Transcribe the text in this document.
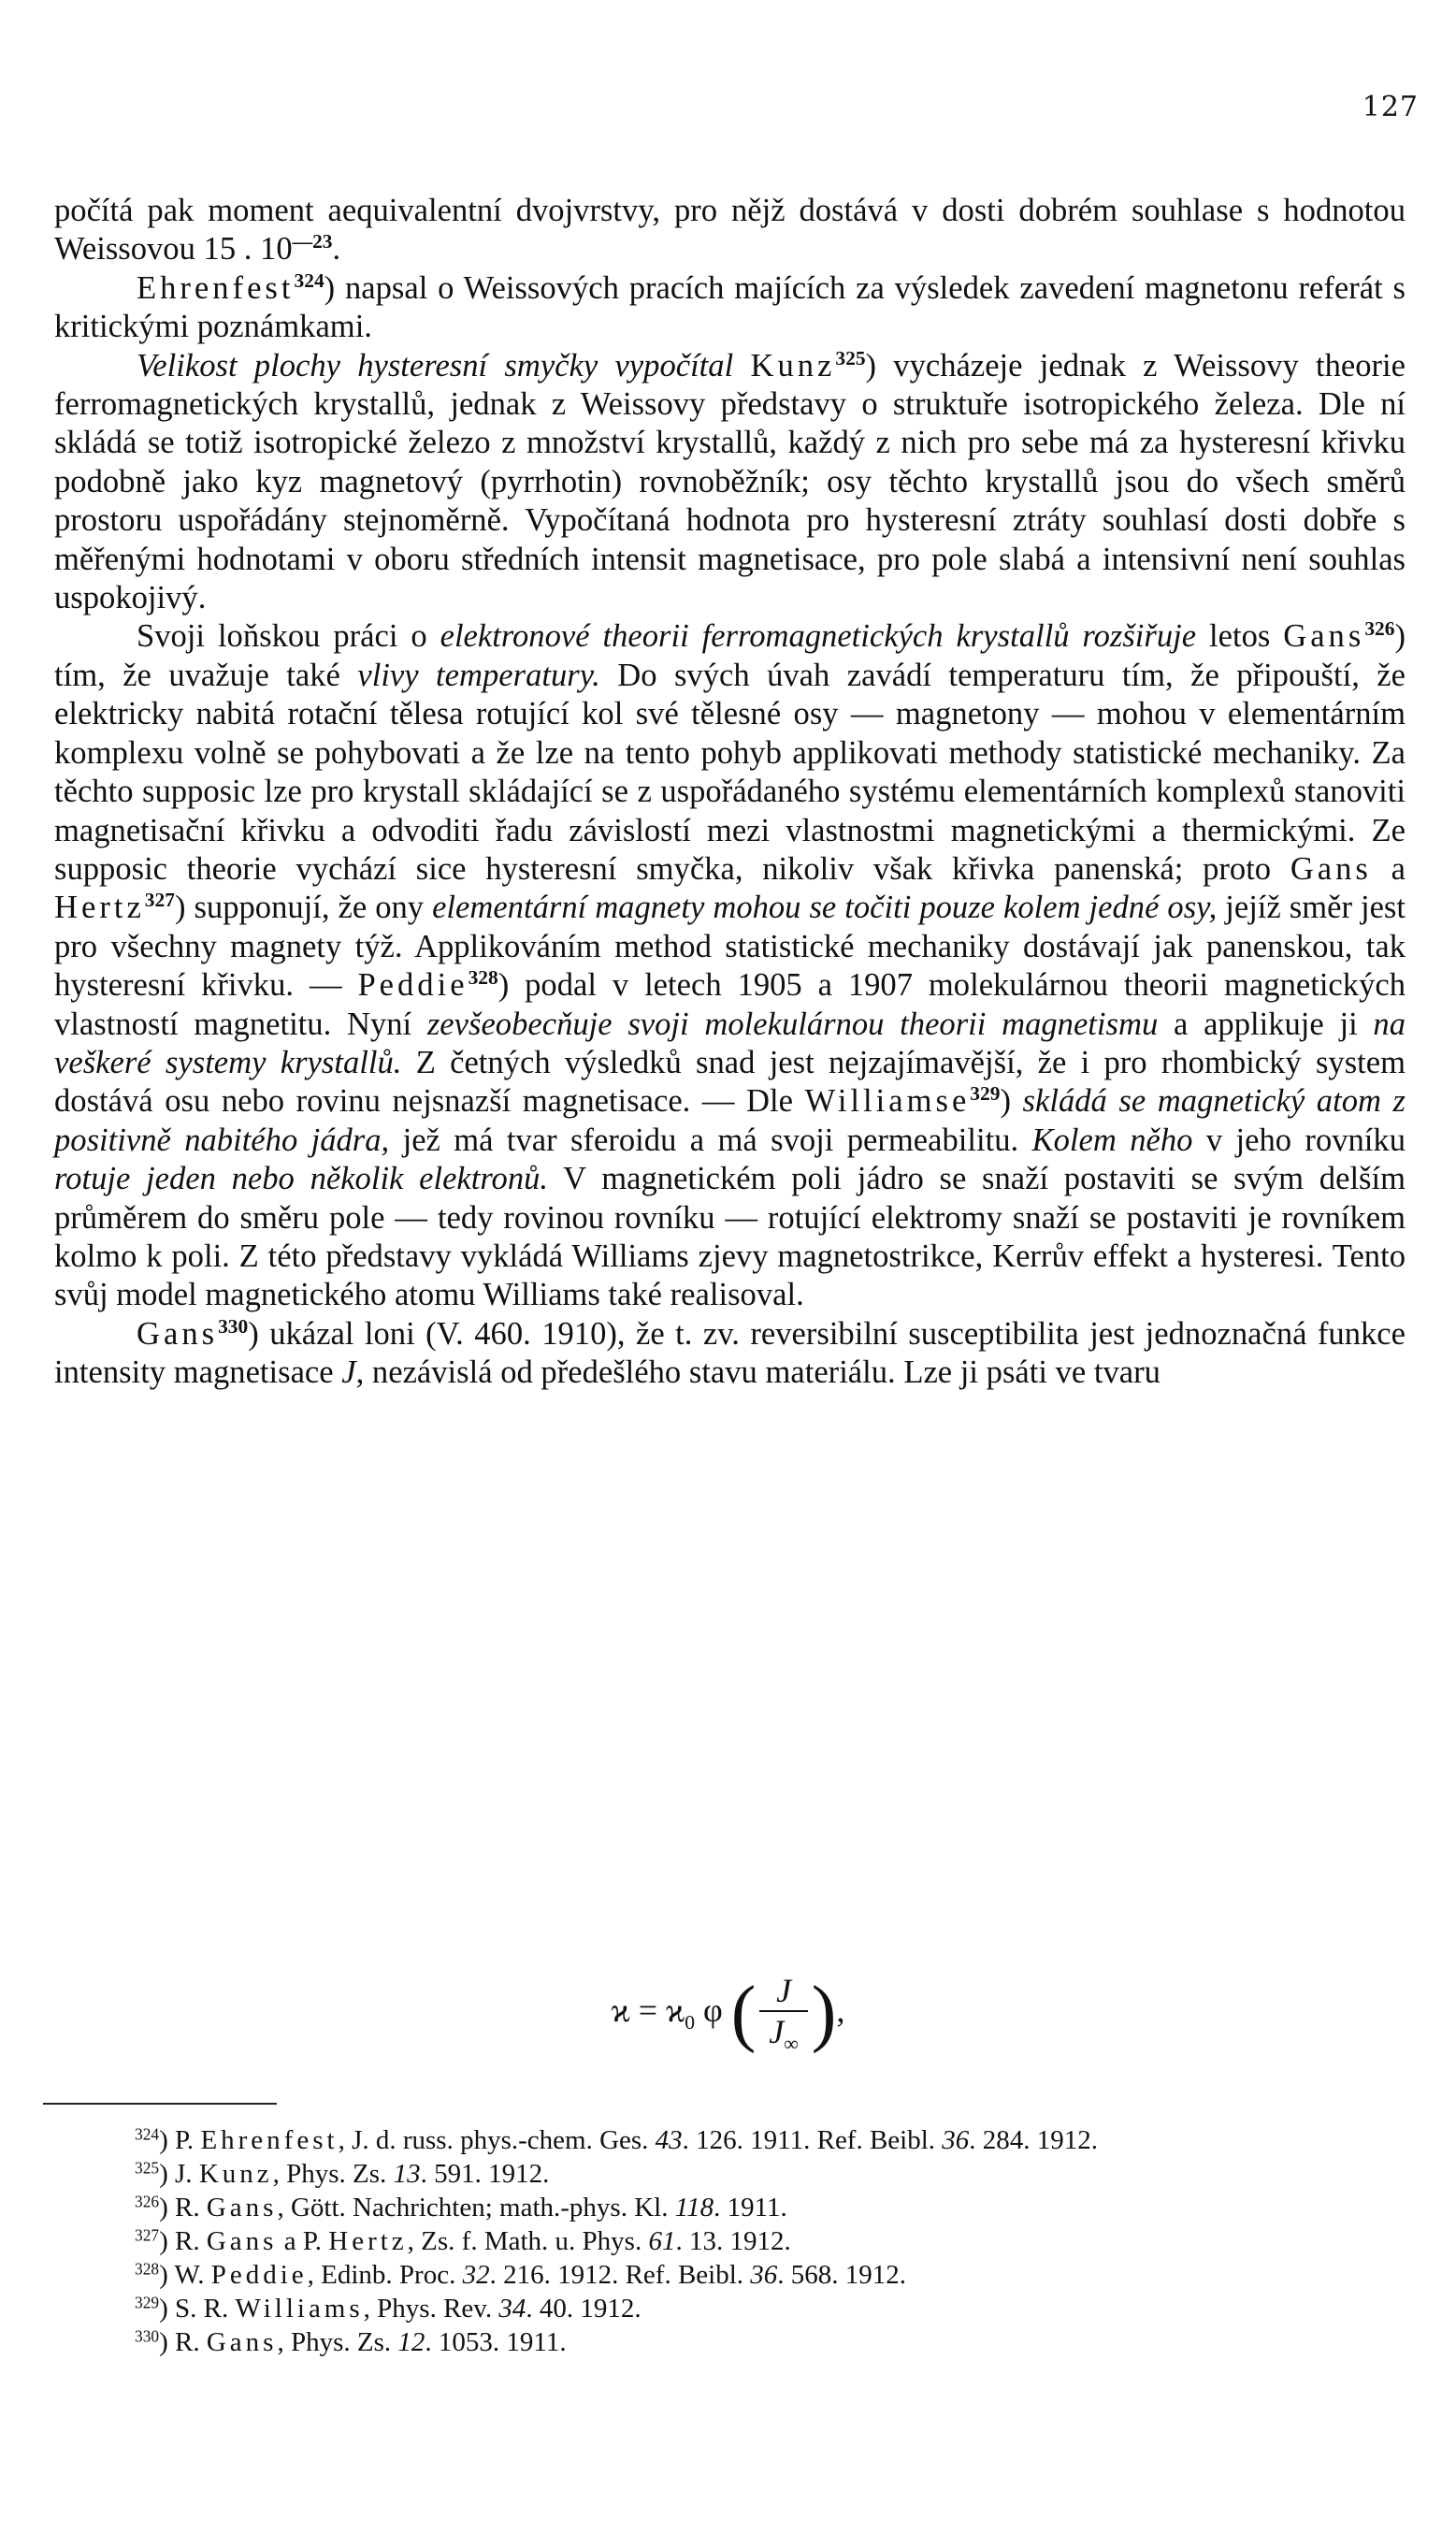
127

počítá pak moment aequivalentní dvojvrstvy, pro nějž dostává v dosti dobrém souhlase s hodnotou Weissovou 15 . $10^{—23}$.

Ehrenfest$^{324}$) napsal o Weissových pracích majících za výsledek zavedení magnetonu referát s kritickými poznámkami.

Velikost plochy hysteresní smyčky vypočítal Kunz$^{325}$) vycházeje jednak z Weissovy theorie ferromagnetických krystallů, jednak z Weissovy představy o struktuře isotropického železa. Dle ní skládá se totiž isotropické železo z množství krystallů, každý z nich pro sebe má za hysteresní křivku podobně jako kyz magnetový (pyrrhotin) rovnoběžník; osy těchto krystallů jsou do všech směrů prostoru uspořádány stejnoměrně. Vypočítaná hodnota pro hysteresní ztráty souhlasí dosti dobře s měřenými hodnotami v oboru středních intensit magnetisace, pro pole slabá a intensivní není souhlas uspokojivý.

Svoji loňskou práci o elektronové theorii ferromagnetických krystallů rozšiřuje letos Gans$^{326}$) tím, že uvažuje také vlivy temperatury. Do svých úvah zavádí temperaturu tím, že připouští, že elektricky nabitá rotační tělesa rotující kol své tělesné osy — magnetony — mohou v elementárním komplexu volně se pohybovati a že lze na tento pohyb applikovati methody statistické mechaniky. Za těchto supposic lze pro krystall skládající se z uspořádaného systému elementárních komplexů stanoviti magnetisační křivku a odvoditi řadu závislostí mezi vlastnostmi magnetickými a thermickými. Ze supposic theorie vychází sice hysteresní smyčka, nikoliv však křivka panenská; proto Gans a Hertz$^{327}$) supponují, že ony elementární magnety mohou se točiti pouze kolem jedné osy, jejíž směr jest pro všechny magnety týž. Applikováním method statistické mechaniky dostávají jak panenskou, tak hysteresní křivku. — Peddie$^{328}$) podal v letech 1905 a 1907 molekulárnou theorii magnetických vlastností magnetitu. Nyní zevšeobecňuje svoji molekulárnou theorii magnetismu a applikuje ji na veškeré systemy krystallů. Z četných výsledků snad jest nejzajímavější, že i pro rhombický system dostává osu nebo rovinu nejsnazší magnetisace. — Dle Williamse$^{329}$) skládá se magnetický atom z positivně nabitého jádra, jež má tvar sferoidu a má svoji permeabilitu. Kolem něho v jeho rovníku rotuje jeden nebo několik elektronů. V magnetickém poli jádro se snaží postaviti se svým delším průměrem do směru pole — tedy rovinou rovníku — rotující elektromy snaží se postaviti je rovníkem kolmo k poli. Z této představy vykládá Williams zjevy magnetostrikce, Kerrův effekt a hysteresi. Tento svůj model magnetického atomu Williams také realisoval.

Gans$^{330}$) ukázal loni (V. 460. 1910), že t. zv. reversibilní susceptibilita jest jednoznačná funkce intensity magnetisace J, nezávislá od předešlého stavu materiálu. Lze ji psáti ve tvaru

$ϰ = ϰ_0$ φ ( $\frac{J}{J_\infty}$ ),

$^{324}$) P. Ehrenfest, J. d. russ. phys.-chem. Ges. 43. 126. 1911. Ref. Beibl. 36. 284. 1912.

$^{325}$) J. Kunz, Phys. Zs. 13. 591. 1912.

$^{326}$) R. Gans, Gött. Nachrichten; math.-phys. Kl. 118. 1911.

$^{327}$) R. Gans a P. Hertz, Zs. f. Math. u. Phys. 61. 13. 1912.

$^{328}$) W. Peddie, Edinb. Proc. 32. 216. 1912. Ref. Beibl. 36. 568. 1912.

$^{329}$) S. R. Williams, Phys. Rev. 34. 40. 1912.

$^{330}$) R. Gans, Phys. Zs. 12. 1053. 1911.
